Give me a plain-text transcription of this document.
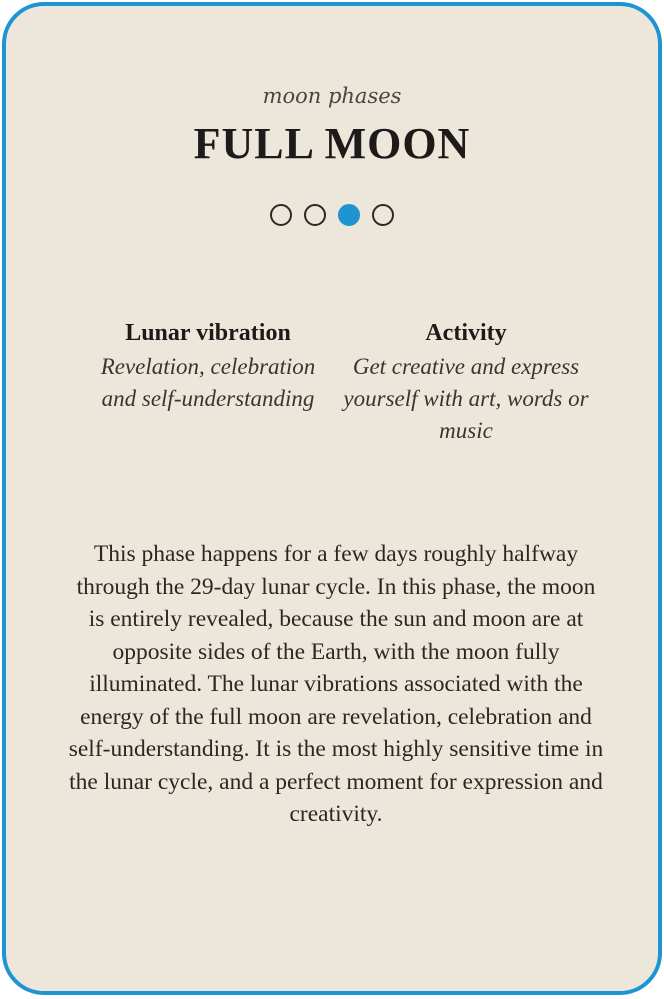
moon phases
FULL MOON
Lunar vibration

Revelation, celebration and self-understanding

Activity

Get creative and express yourself with art, words or music

This phase happens for a few days roughly halfway through the 29-day lunar cycle. In this phase, the moon is entirely revealed, because the sun and moon are at opposite sides of the Earth, with the moon fully illuminated. The lunar vibrations associated with the energy of the full moon are revelation, celebration and self-understanding. It is the most highly sensitive time in the lunar cycle, and a perfect moment for expression and creativity.
